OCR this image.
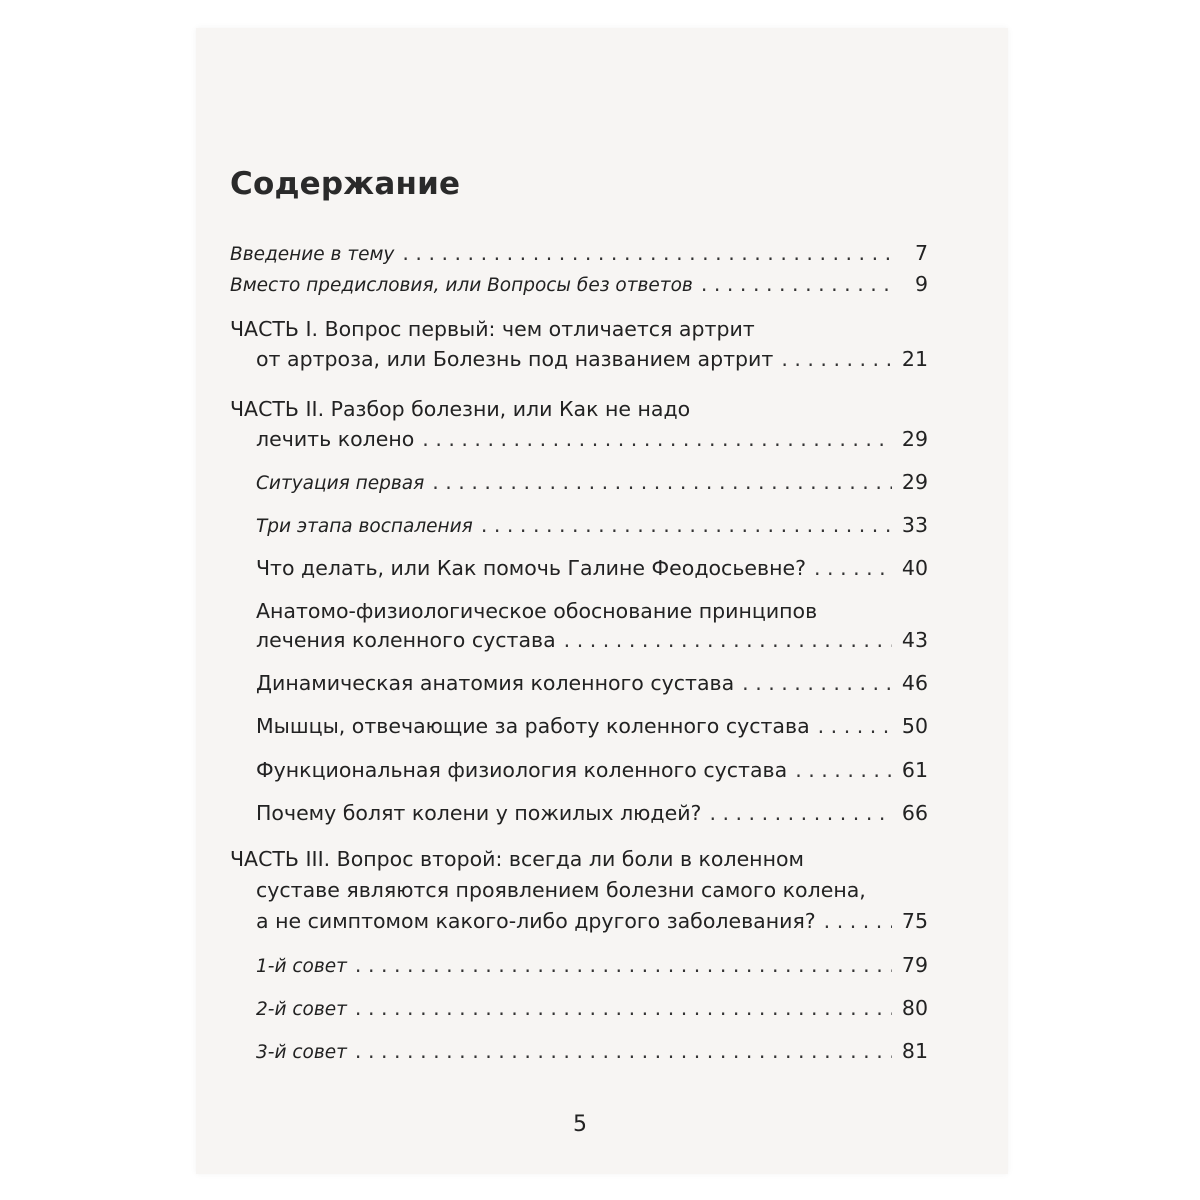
Содержание
Введение в тему . . .	7
Вместо предисловия, или Вопросы без ответов . . .	9
ЧАСТЬ I. Вопрос первый: чем отличается артрит
от артроза, или Болезнь под названием артрит . . .	21
ЧАСТЬ II. Разбор болезни, или Как не надо
лечить колено . . .	29
Ситуация первая . . .	29
Три этапа воспаления . . .	33
Что делать, или Как помочь Галине Феодосьевне? . . .	40
Анатомо-физиологическое обоснование принципов
лечения коленного сустава . . .	43
Динамическая анатомия коленного сустава . . .	46
Мышцы, отвечающие за работу коленного сустава . . .	50
Функциональная физиология коленного сустава . . .	61
Почему болят колени у пожилых людей? . . .	66
ЧАСТЬ III. Вопрос второй: всегда ли боли в коленном
суставе являются проявлением болезни самого колена,
а не симптомом какого-либо другого заболевания? . . .	75
1-й совет . . .	79
2-й совет . . .	80
3-й совет . . .	81
5
